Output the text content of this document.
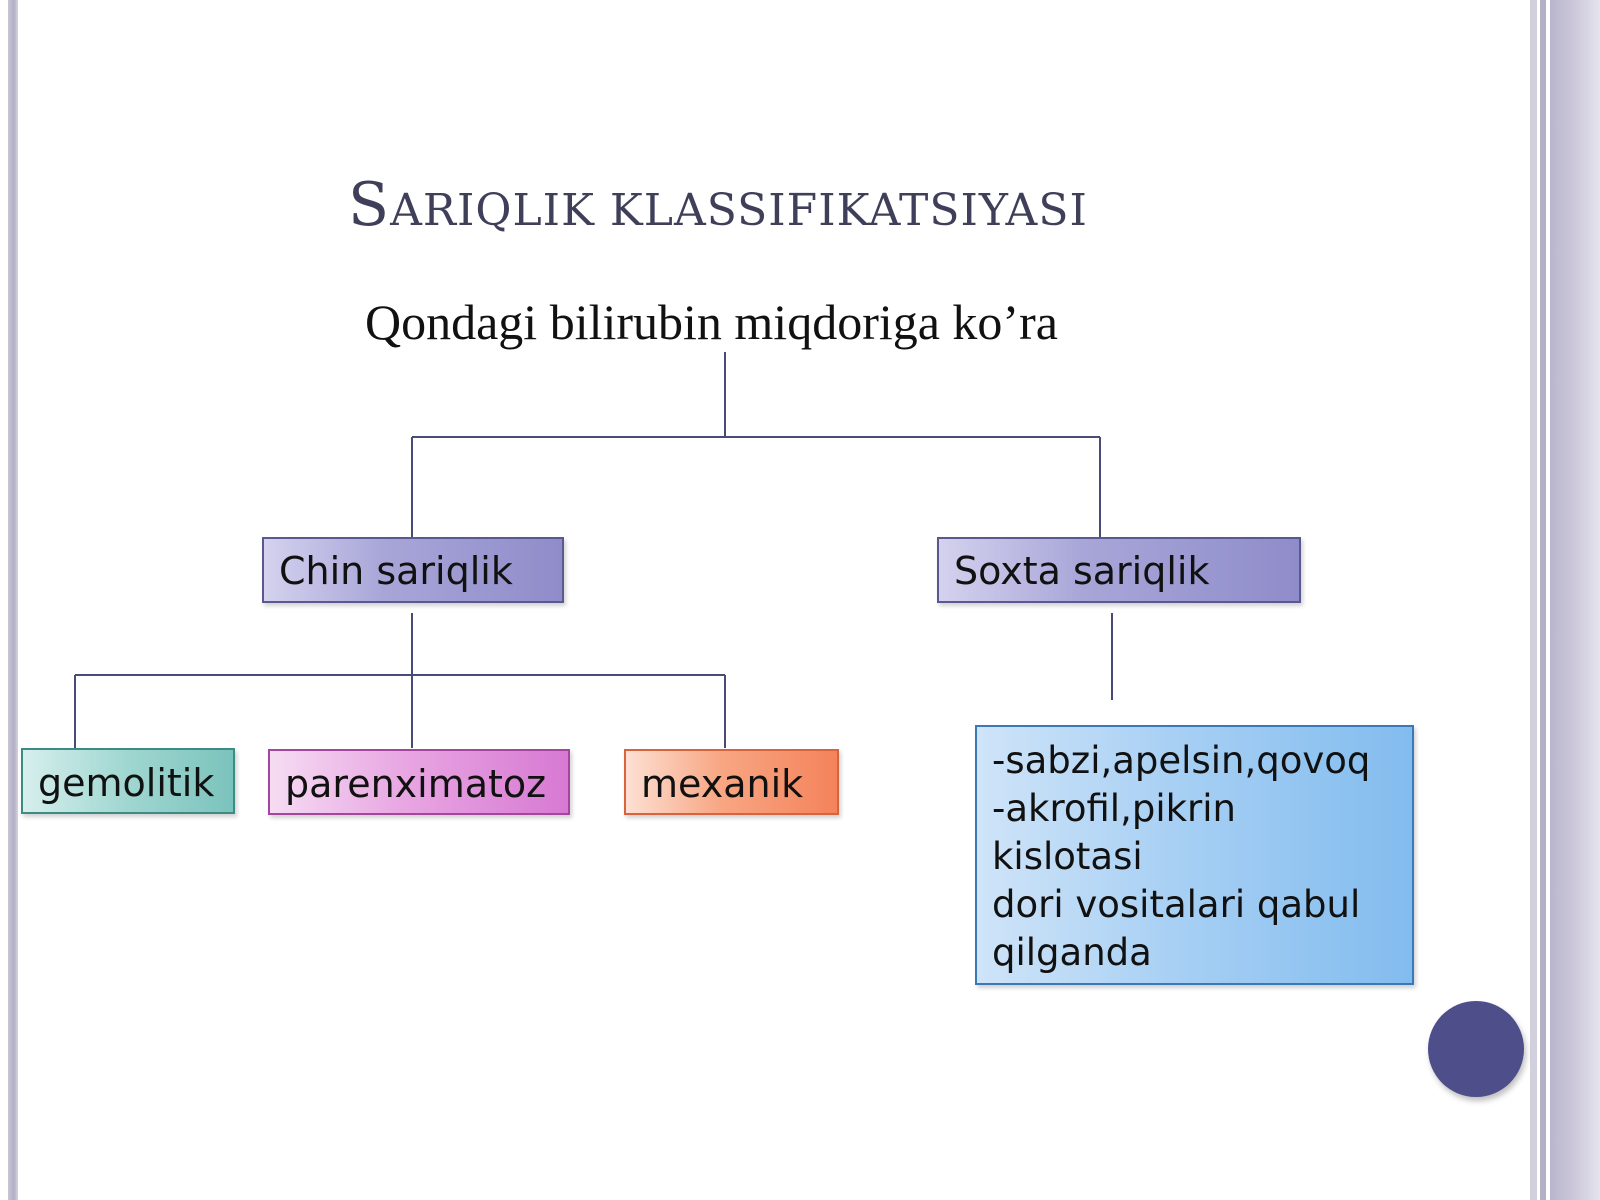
SARIQLIK KLASSIFIKATSIYASI
Qondagi bilirubin miqdoriga ko’ra
Chin sariqlik	Soxta sariqlik
gemolitik	parenximatoz	mexanik
-sabzi,apelsin,qovoq
-akrofil,pikrin
kislotasi
dori vositalari qabul
qilganda
